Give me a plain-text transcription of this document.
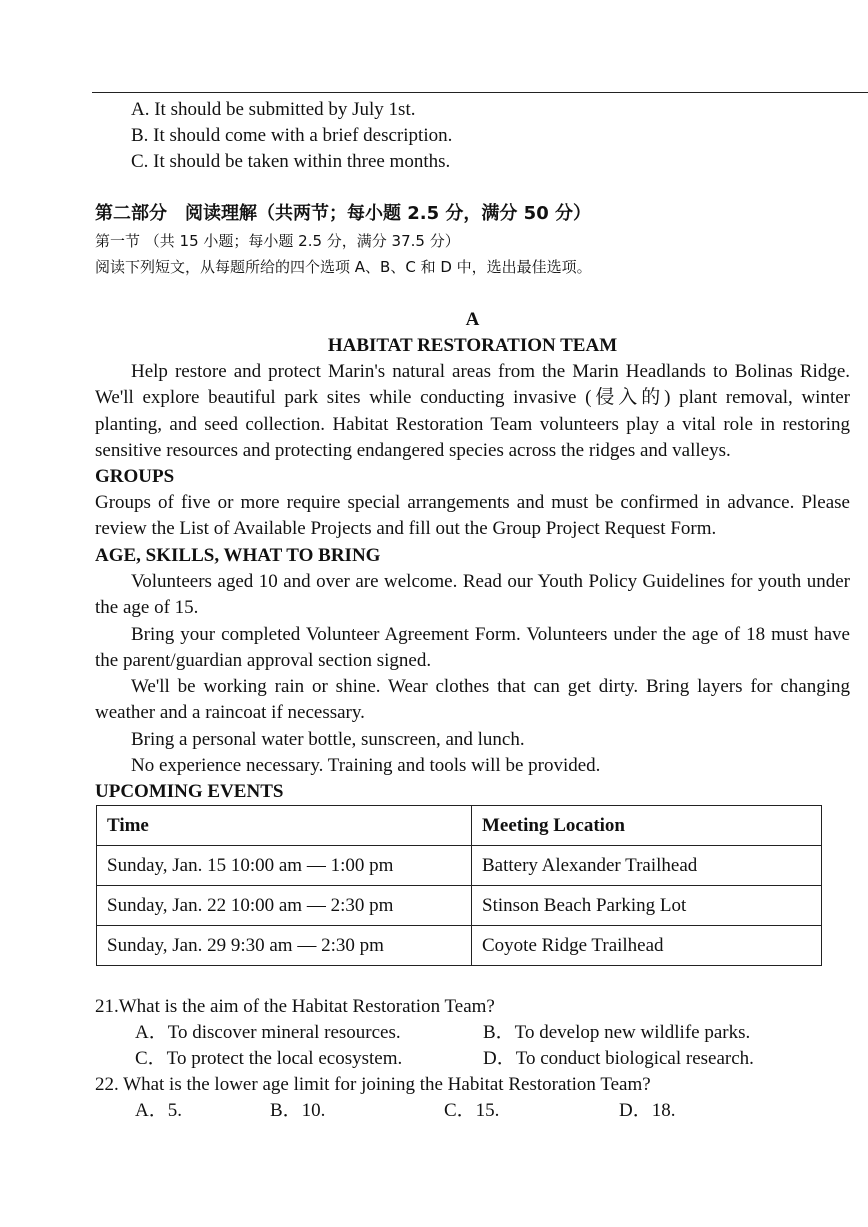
A. It should be submitted by July 1st.
B. It should come with a brief description.
C. It should be taken within three months.
第二部分　阅读理解（共两节；每小题 2.5 分，满分 50 分）
第一节 （共 15 小题；每小题 2.5 分，满分 37.5 分）
阅读下列短文，从每题所给的四个选项 A、B、C 和 D 中，选出最佳选项。
A
HABITAT RESTORATION TEAM
Help restore and protect Marin's natural areas from the Marin Headlands to Bolinas Ridge. We'll explore beautiful park sites while conducting invasive (侵入的) plant removal, winter planting, and seed collection. Habitat Restoration Team volunteers play a vital role in restoring sensitive resources and protecting endangered species across the ridges and valleys.
GROUPS
Groups of five or more require special arrangements and must be confirmed in advance. Please review the List of Available Projects and fill out the Group Project Request Form.
AGE, SKILLS, WHAT TO BRING
Volunteers aged 10 and over are welcome. Read our Youth Policy Guidelines for youth under the age of 15.
Bring your completed Volunteer Agreement Form. Volunteers under the age of 18 must have the parent/guardian approval section signed.
We'll be working rain or shine. Wear clothes that can get dirty. Bring layers for changing weather and a raincoat if necessary.
Bring a personal water bottle, sunscreen, and lunch.
No experience necessary. Training and tools will be provided.
UPCOMING EVENTS
Time	Meeting Location
Sunday, Jan. 15 10:00 am — 1:00 pm	Battery Alexander Trailhead
Sunday, Jan. 22 10:00 am — 2:30 pm	Stinson Beach Parking Lot
Sunday, Jan. 29 9:30 am — 2:30 pm	Coyote Ridge Trailhead
21.What is the aim of the Habitat Restoration Team?
A．To discover mineral resources.	B．To develop new wildlife parks.
C．To protect the local ecosystem.	D．To conduct biological research.
22. What is the lower age limit for joining the Habitat Restoration Team?
A．5.	B．10.	C．15.	D．18.
